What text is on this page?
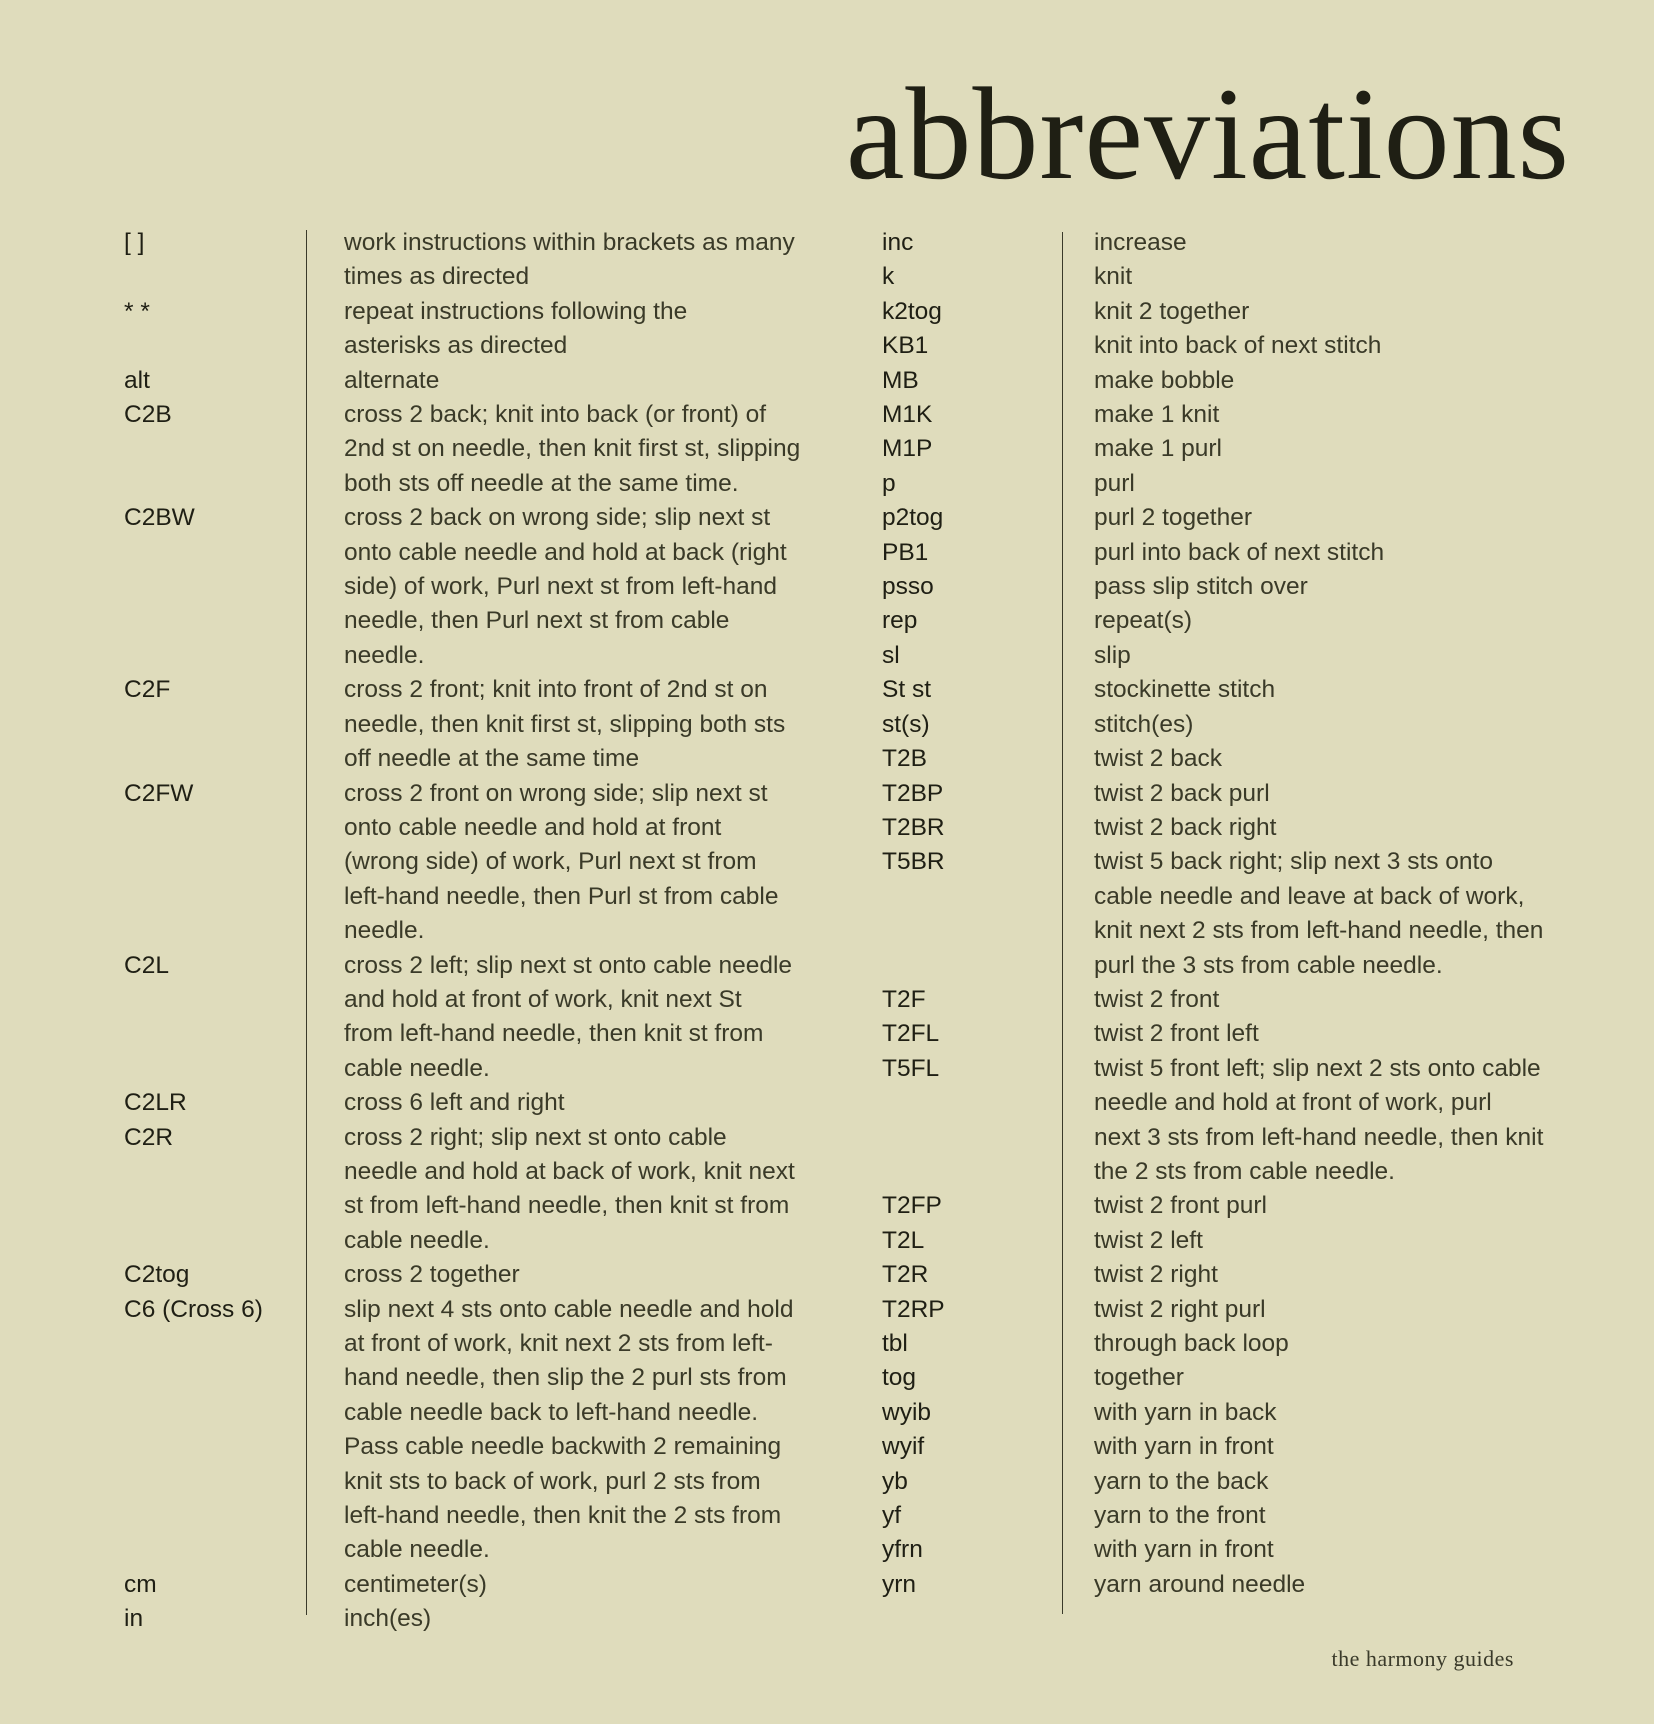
abbreviations
[ ]	work instructions within brackets as many
times as directed
* *	repeat instructions following the
asterisks as directed
alt	alternate
C2B	cross 2 back; knit into back (or front) of
2nd st on needle, then knit first st, slipping
both sts off needle at the same time.
C2BW	cross 2 back on wrong side; slip next st
onto cable needle and hold at back (right
side) of work, Purl next st from left-hand
needle, then Purl next st from cable
needle.
C2F	cross 2 front; knit into front of 2nd st on
needle, then knit first st, slipping both sts
off needle at the same time
C2FW	cross 2 front on wrong side; slip next st
onto cable needle and hold at front
(wrong side) of work, Purl next st from
left-hand needle, then Purl st from cable
needle.
C2L	cross 2 left; slip next st onto cable needle
and hold at front of work, knit next St
from left-hand needle, then knit st from
cable needle.
C2LR	cross 6 left and right
C2R	cross 2 right; slip next st onto cable
needle and hold at back of work, knit next
st from left-hand needle, then knit st from
cable needle.
C2tog	cross 2 together
C6 (Cross 6)	slip next 4 sts onto cable needle and hold
at front of work, knit next 2 sts from left-
hand needle, then slip the 2 purl sts from
cable needle back to left-hand needle.
Pass cable needle backwith 2 remaining
knit sts to back of work, purl 2 sts from
left-hand needle, then knit the 2 sts from
cable needle.
cm	centimeter(s)
in	inch(es)
inc	increase
k	knit
k2tog	knit 2 together
KB1	knit into back of next stitch
MB	make bobble
M1K	make 1 knit
M1P	make 1 purl
p	purl
p2tog	purl 2 together
PB1	purl into back of next stitch
psso	pass slip stitch over
rep	repeat(s)
sl	slip
St st	stockinette stitch
st(s)	stitch(es)
T2B	twist 2 back
T2BP	twist 2 back purl
T2BR	twist 2 back right
T5BR	twist 5 back right; slip next 3 sts onto
cable needle and leave at back of work,
knit next 2 sts from left-hand needle, then
purl the 3 sts from cable needle.
T2F	twist 2 front
T2FL	twist 2 front left
T5FL	twist 5 front left; slip next 2 sts onto cable
needle and hold at front of work, purl
next 3 sts from left-hand needle, then knit
the 2 sts from cable needle.
T2FP	twist 2 front purl
T2L	twist 2 left
T2R	twist 2 right
T2RP	twist 2 right purl
tbl	through back loop
tog	together
wyib	with yarn in back
wyif	with yarn in front
yb	yarn to the back
yf	yarn to the front
yfrn	with yarn in front
yrn	yarn around needle
the harmony guides
